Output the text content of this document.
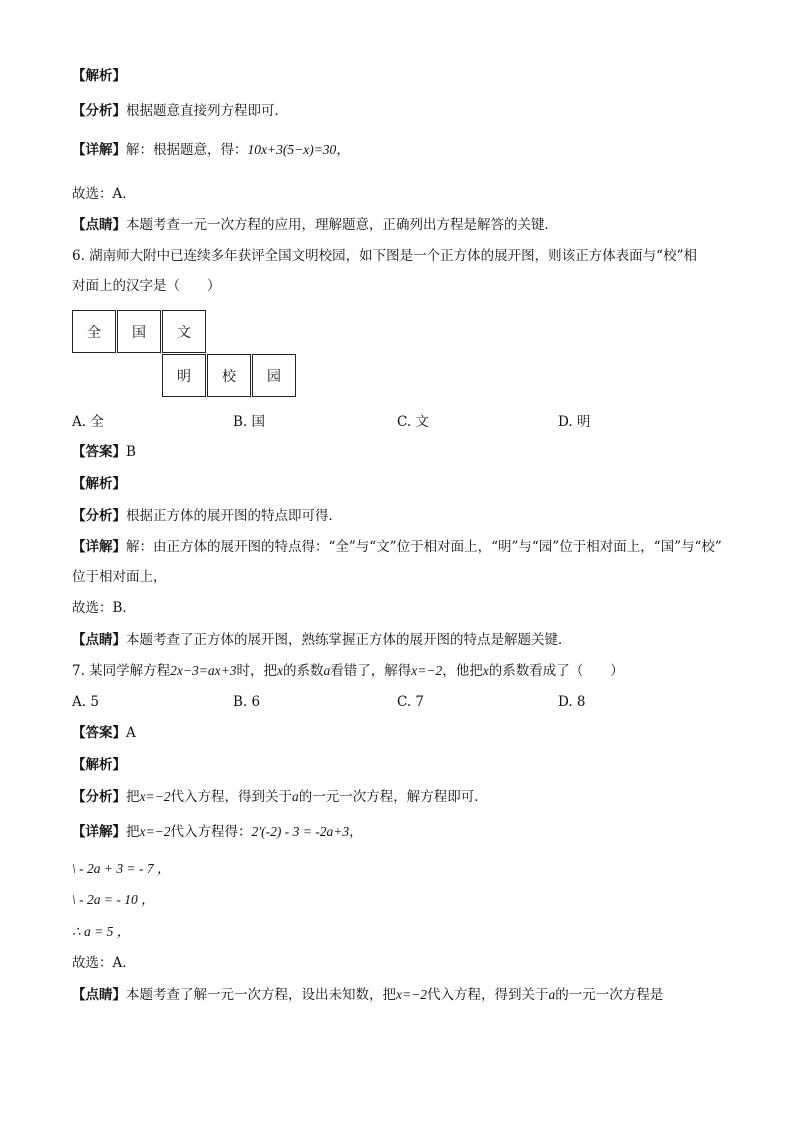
【解析】
【分析】根据题意直接列方程即可．
【详解】解：根据题意，得：10x+3(5−x)=30，
故选：A．
【点睛】本题考查一元一次方程的应用，理解题意，正确列出方程是解答的关键．
6. 湖南师大附中已连续多年获评全国文明校园，如下图是一个正方体的展开图，则该正方体表面与“校”相
对面上的汉字是（　　）
全	国	文
明	校	园
A. 全	B. 国	C. 文	D. 明
【答案】B
【解析】
【分析】根据正方体的展开图的特点即可得．
【详解】解：由正方体的展开图的特点得：“全”与“文”位于相对面上，“明”与“园”位于相对面上，“国”与“校”
位于相对面上，
故选：B．
【点睛】本题考查了正方体的展开图，熟练掌握正方体的展开图的特点是解题关键．
7. 某同学解方程2x−3=ax+3时，把x的系数a看错了，解得x=−2，他把x的系数看成了（　　）
A. 5	B. 6	C. 7	D. 8
【答案】A
【解析】
【分析】把x=−2代入方程，得到关于a的一元一次方程，解方程即可．
【详解】把x=−2代入方程得：2′(-2) - 3 = -2a+3，
\ - 2a + 3 = - 7 ，
\ - 2a = - 10 ，
∴ a = 5 ，
故选：A．
【点睛】本题考查了解一元一次方程，设出未知数，把x=−2代入方程，得到关于a的一元一次方程是
